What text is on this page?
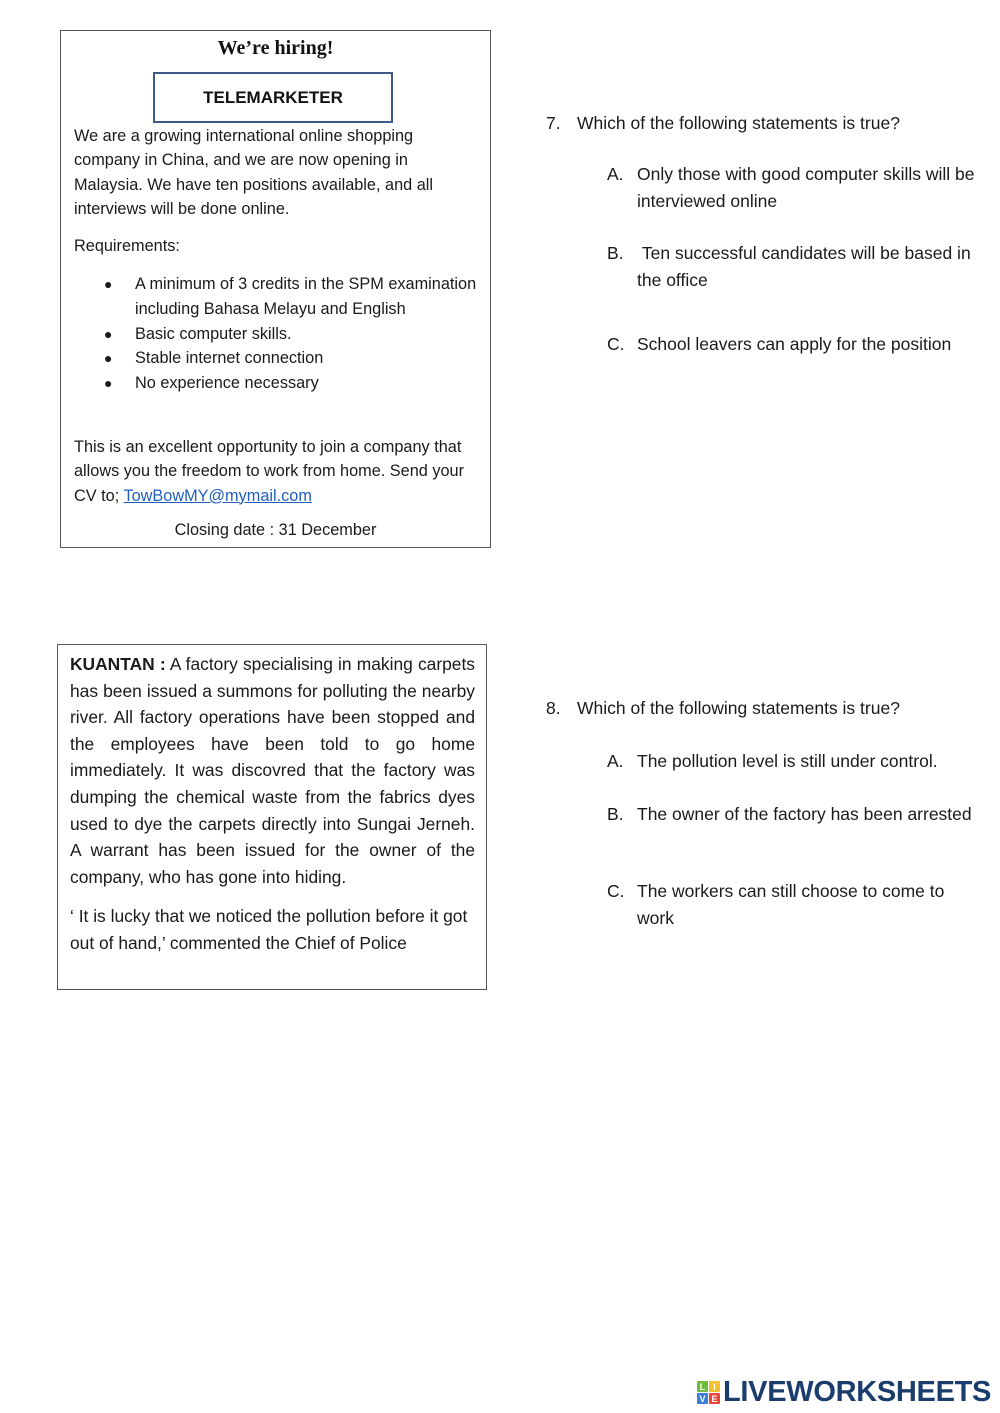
We’re hiring!
TELEMARKETER
We are a growing international online shopping company in China, and we are now opening in Malaysia. We have ten positions available, and all interviews will be done online.
Requirements:
● A minimum of 3 credits in the SPM examination including Bahasa Melayu and English
● Basic computer skills.
● Stable internet connection
● No experience necessary
This is an excellent opportunity to join a company that allows you the freedom to work from home. Send your CV to; TowBowMY@mymail.com
Closing date : 31 December
7. Which of the following statements is true?
A. Only those with good computer skills will be interviewed online
B. Ten successful candidates will be based in the office
C. School leavers can apply for the position
KUANTAN : A factory specialising in making carpets has been issued a summons for polluting the nearby river. All factory operations have been stopped and the employees have been told to go home immediately. It was discovred that the factory was dumping the chemical waste from the fabrics dyes used to dye the carpets directly into Sungai Jerneh. A warrant has been issued for the owner of the company, who has gone into hiding.
‘ It is lucky that we noticed the pollution before it got out of hand,’ commented the Chief of Police
8. Which of the following statements is true?
A. The pollution level is still under control.
B. The owner of the factory has been arrested
C. The workers can still choose to come to work
L I
V E LIVEWORKSHEETS
